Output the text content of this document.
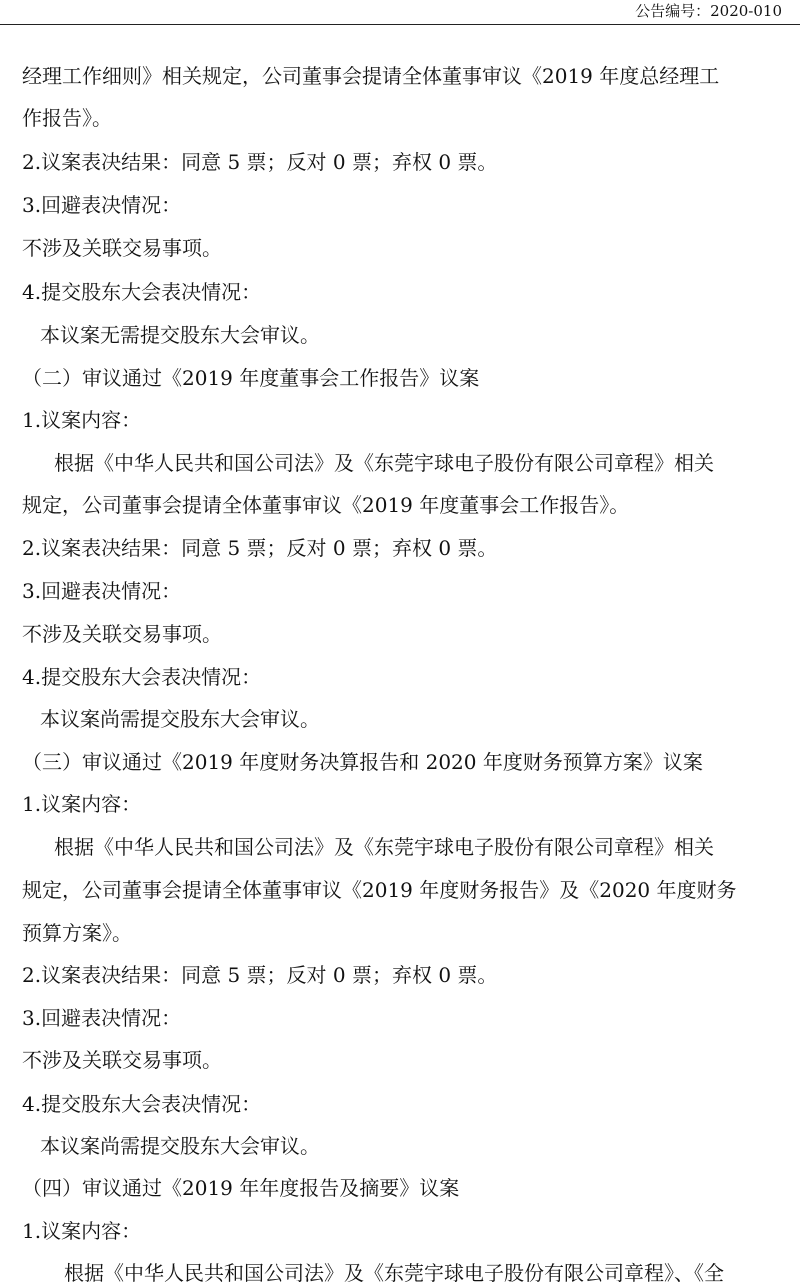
公告编号：2020-010
经理工作细则》相关规定，公司董事会提请全体董事审议《2019 年度总经理工
作报告》。
2.议案表决结果：同意 5 票；反对 0 票；弃权 0 票。
3.回避表决情况：
不涉及关联交易事项。
4.提交股东大会表决情况：
本议案无需提交股东大会审议。
（二）审议通过《2019 年度董事会工作报告》议案
1.议案内容：
根据《中华人民共和国公司法》及《东莞宇球电子股份有限公司章程》相关
规定，公司董事会提请全体董事审议《2019 年度董事会工作报告》。
2.议案表决结果：同意 5 票；反对 0 票；弃权 0 票。
3.回避表决情况：
不涉及关联交易事项。
4.提交股东大会表决情况：
本议案尚需提交股东大会审议。
（三）审议通过《2019 年度财务决算报告和 2020 年度财务预算方案》议案
1.议案内容：
根据《中华人民共和国公司法》及《东莞宇球电子股份有限公司章程》相关
规定，公司董事会提请全体董事审议《2019 年度财务报告》及《2020 年度财务
预算方案》。
2.议案表决结果：同意 5 票；反对 0 票；弃权 0 票。
3.回避表决情况：
不涉及关联交易事项。
4.提交股东大会表决情况：
本议案尚需提交股东大会审议。
（四）审议通过《2019 年年度报告及摘要》议案
1.议案内容：
根据《中华人民共和国公司法》及《东莞宇球电子股份有限公司章程》、《全
